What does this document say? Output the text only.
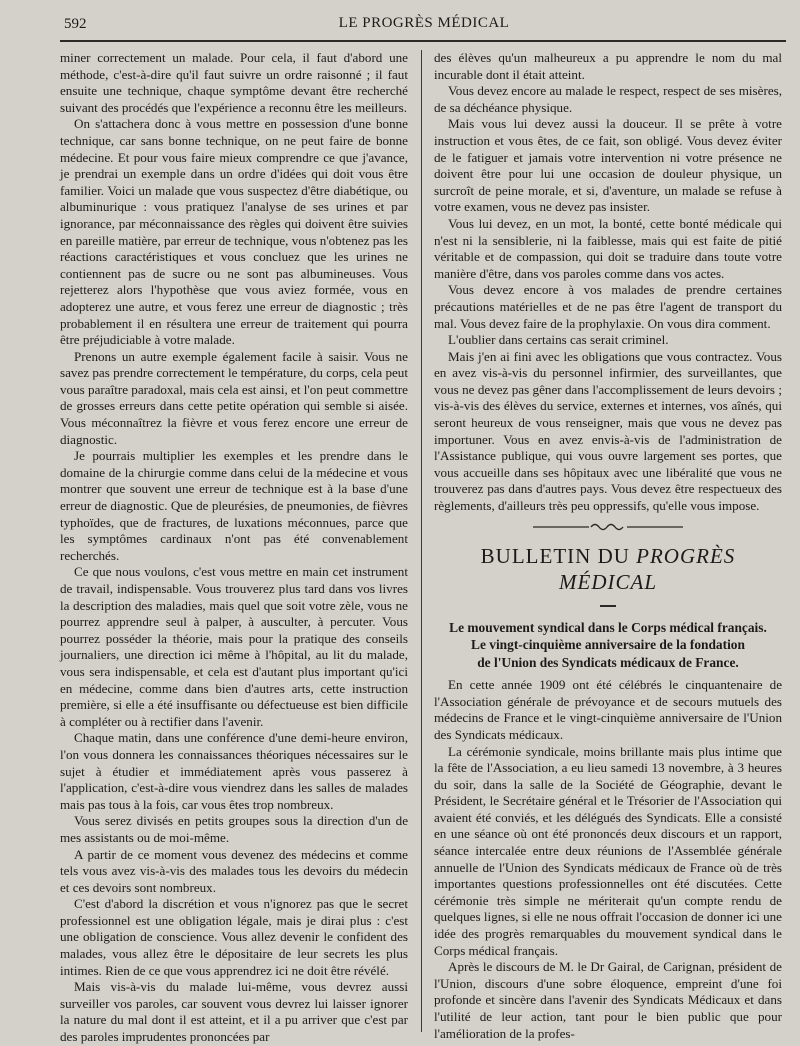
592	LE PROGRÈS MÉDICAL

miner correctement un malade. Pour cela, il faut d'abord une méthode, c'est-à-dire qu'il faut suivre un ordre raisonné ; il faut ensuite une technique, chaque symptôme devant être recherché suivant des procédés que l'expérience a reconnu être les meilleurs.

On s'attachera donc à vous mettre en possession d'une bonne technique, car sans bonne technique, on ne peut faire de bonne médecine. Et pour vous faire mieux comprendre ce que j'avance, je prendrai un exemple dans un ordre d'idées qui doit vous être familier. Voici un malade que vous suspectez d'être diabétique, ou albuminurique : vous pratiquez l'analyse de ses urines et par ignorance, par méconnaissance des règles qui doivent être suivies en pareille matière, par erreur de technique, vous n'obtenez pas les réactions caractéristiques et vous concluez que les urines ne contiennent pas de sucre ou ne sont pas albumineuses. Vous rejetterez alors l'hypothèse que vous aviez formée, vous en adopterez une autre, et vous ferez une erreur de diagnostic ; très probablement il en résultera une erreur de traitement qui pourra être préjudiciable à votre malade.

Prenons un autre exemple également facile à saisir. Vous ne savez pas prendre correctement le température, du corps, cela peut vous paraître paradoxal, mais cela est ainsi, et l'on peut commettre de grosses erreurs dans cette petite opération qui semble si aisée. Vous méconnaîtrez la fièvre et vous ferez encore une erreur de diagnostic.

Je pourrais multiplier les exemples et les prendre dans le domaine de la chirurgie comme dans celui de la médecine et vous montrer que souvent une erreur de technique est à la base d'une erreur de diagnostic. Que de pleurésies, de pneumonies, de fièvres typhoïdes, que de fractures, de luxations méconnues, parce que les symptômes cardinaux n'ont pas été convenablement recherchés.

Ce que nous voulons, c'est vous mettre en main cet instrument de travail, indispensable. Vous trouverez plus tard dans vos livres la description des maladies, mais quel que soit votre zèle, vous ne pourrez apprendre seul à palper, à ausculter, à percuter. Vous pourrez posséder la théorie, mais pour la pratique des conseils journaliers, une direction ici même à l'hôpital, au lit du malade, vous sera indispensable, et cela est d'autant plus important qu'ici en médecine, comme dans bien d'autres arts, cette instruction première, si elle a été insuffisante ou défectueuse est bien difficile à compléter ou à rectifier dans l'avenir.

Chaque matin, dans une conférence d'une demi-heure environ, l'on vous donnera les connaissances théoriques nécessaires sur le sujet à étudier et immédiatement après vous passerez à l'application, c'est-à-dire vous viendrez dans les salles de malades mais pas tous à la fois, car vous êtes trop nombreux.

Vous serez divisés en petits groupes sous la direction d'un de mes assistants ou de moi-même.

A partir de ce moment vous devenez des médecins et comme tels vous avez vis-à-vis des malades tous les devoirs du médecin et ces devoirs sont nombreux.

C'est d'abord la discrétion et vous n'ignorez pas que le secret professionnel est une obligation légale, mais je dirai plus : c'est une obligation de conscience. Vous allez devenir le confident des malades, vous allez être le dépositaire de leur secrets les plus intimes. Rien de ce que vous apprendrez ici ne doit être révélé.

Mais vis-à-vis du malade lui-même, vous devrez aussi surveiller vos paroles, car souvent vous devrez lui laisser ignorer la nature du mal dont il est atteint, et il a pu arriver que c'est par des paroles imprudentes prononcées par

des élèves qu'un malheureux a pu apprendre le nom du mal incurable dont il était atteint.

Vous devez encore au malade le respect, respect de ses misères, de sa déchéance physique.

Mais vous lui devez aussi la douceur. Il se prête à votre instruction et vous êtes, de ce fait, son obligé. Vous devez éviter de le fatiguer et jamais votre intervention ni votre présence ne doivent être pour lui une occasion de douleur physique, un surcroît de peine morale, et si, d'aventure, un malade se refuse à votre examen, vous ne devez pas insister.

Vous lui devez, en un mot, la bonté, cette bonté médicale qui n'est ni la sensiblerie, ni la faiblesse, mais qui est faite de pitié véritable et de compassion, qui doit se traduire dans toute votre manière d'être, dans vos paroles comme dans vos actes.

Vous devez encore à vos malades de prendre certaines précautions matérielles et de ne pas être l'agent de transport du mal. Vous devez faire de la prophylaxie. On vous dira comment.

L'oublier dans certains cas serait criminel.

Mais j'en ai fini avec les obligations que vous contractez. Vous en avez vis-à-vis du personnel infirmier, des surveillantes, que vous ne devez pas gêner dans l'accomplissement de leurs devoirs ; vis-à-vis des élèves du service, externes et internes, vos aînés, qui seront heureux de vous renseigner, mais que vous ne devez pas importuner. Vous en avez envis-à-vis de l'administration de l'Assistance publique, qui vous ouvre largement ses portes, que vous accueille dans ses hôpitaux avec une libéralité que vous ne trouverez pas dans d'autres pays. Vous devez être respectueux des règlements, d'ailleurs très peu oppressifs, qu'elle vous impose.

BULLETIN DU PROGRÈS MÉDICAL
Le mouvement syndical dans le Corps médical français.
Le vingt-cinquième anniversaire de la fondation
de l'Union des Syndicats médicaux de France.

En cette année 1909 ont été célébrés le cinquantenaire de l'Association générale de prévoyance et de secours mutuels des médecins de France et le vingt-cinquième anniversaire de l'Union des Syndicats médicaux.

La cérémonie syndicale, moins brillante mais plus intime que la fête de l'Association, a eu lieu samedi 13 novembre, à 3 heures du soir, dans la salle de la Société de Géographie, devant le Président, le Secrétaire général et le Trésorier de l'Association qui avaient été conviés, et les délégués des Syndicats. Elle a consisté en une séance où ont été prononcés deux discours et un rapport, séance intercalée entre deux réunions de l'Assemblée générale annuelle de l'Union des Syndicats médicaux de France où de très importantes questions professionnelles ont été discutées. Cette cérémonie très simple ne mériterait qu'un compte rendu de quelques lignes, si elle ne nous offrait l'occasion de donner ici une idée des progrès remarquables du mouvement syndical dans le Corps médical français.

Après le discours de M. le Dr Gairal, de Carignan, président de l'Union, discours d'une sobre éloquence, empreint d'une foi profonde et sincère dans l'avenir des Syndicats Médicaux et dans l'utilité de leur action, tant pour le bien public que pour l'amélioration de la profes-
